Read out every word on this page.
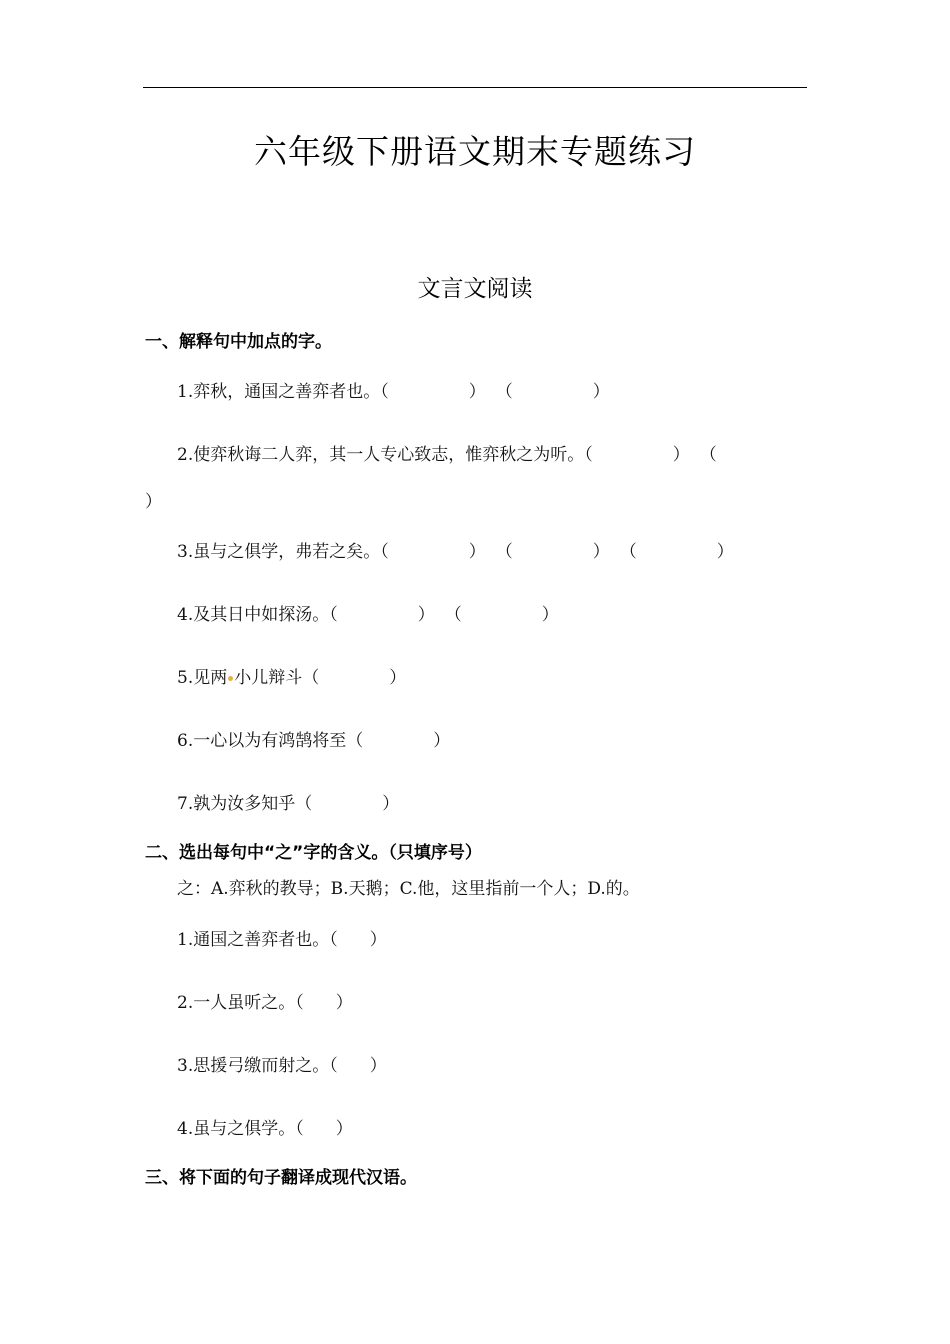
六年级下册语文期末专题练习
文言文阅读
一、解释句中加点的字。
1.弈秋，通国之善弈者也。（	） （	）
2.使弈秋诲二人弈，其一人专心致志，惟弈秋之为听。（	） （
）
3.虽与之俱学，弗若之矣。（	） （	） （	）
4.及其日中如探汤。（	） （	）
5.见两 小儿辩斗（	）
6.一心以为有鸿鹄将至（	）
7.孰为汝多知乎（	）
二、选出每句中“之”字的含义。（只填序号）
之：A.弈秋的教导；B.天鹅；C.他，这里指前一个人；D.的。
1.通国之善弈者也。（ ）
2.一人虽听之。（ ）
3.思援弓缴而射之。（ ）
4.虽与之俱学。（ ）
三、将下面的句子翻译成现代汉语。
